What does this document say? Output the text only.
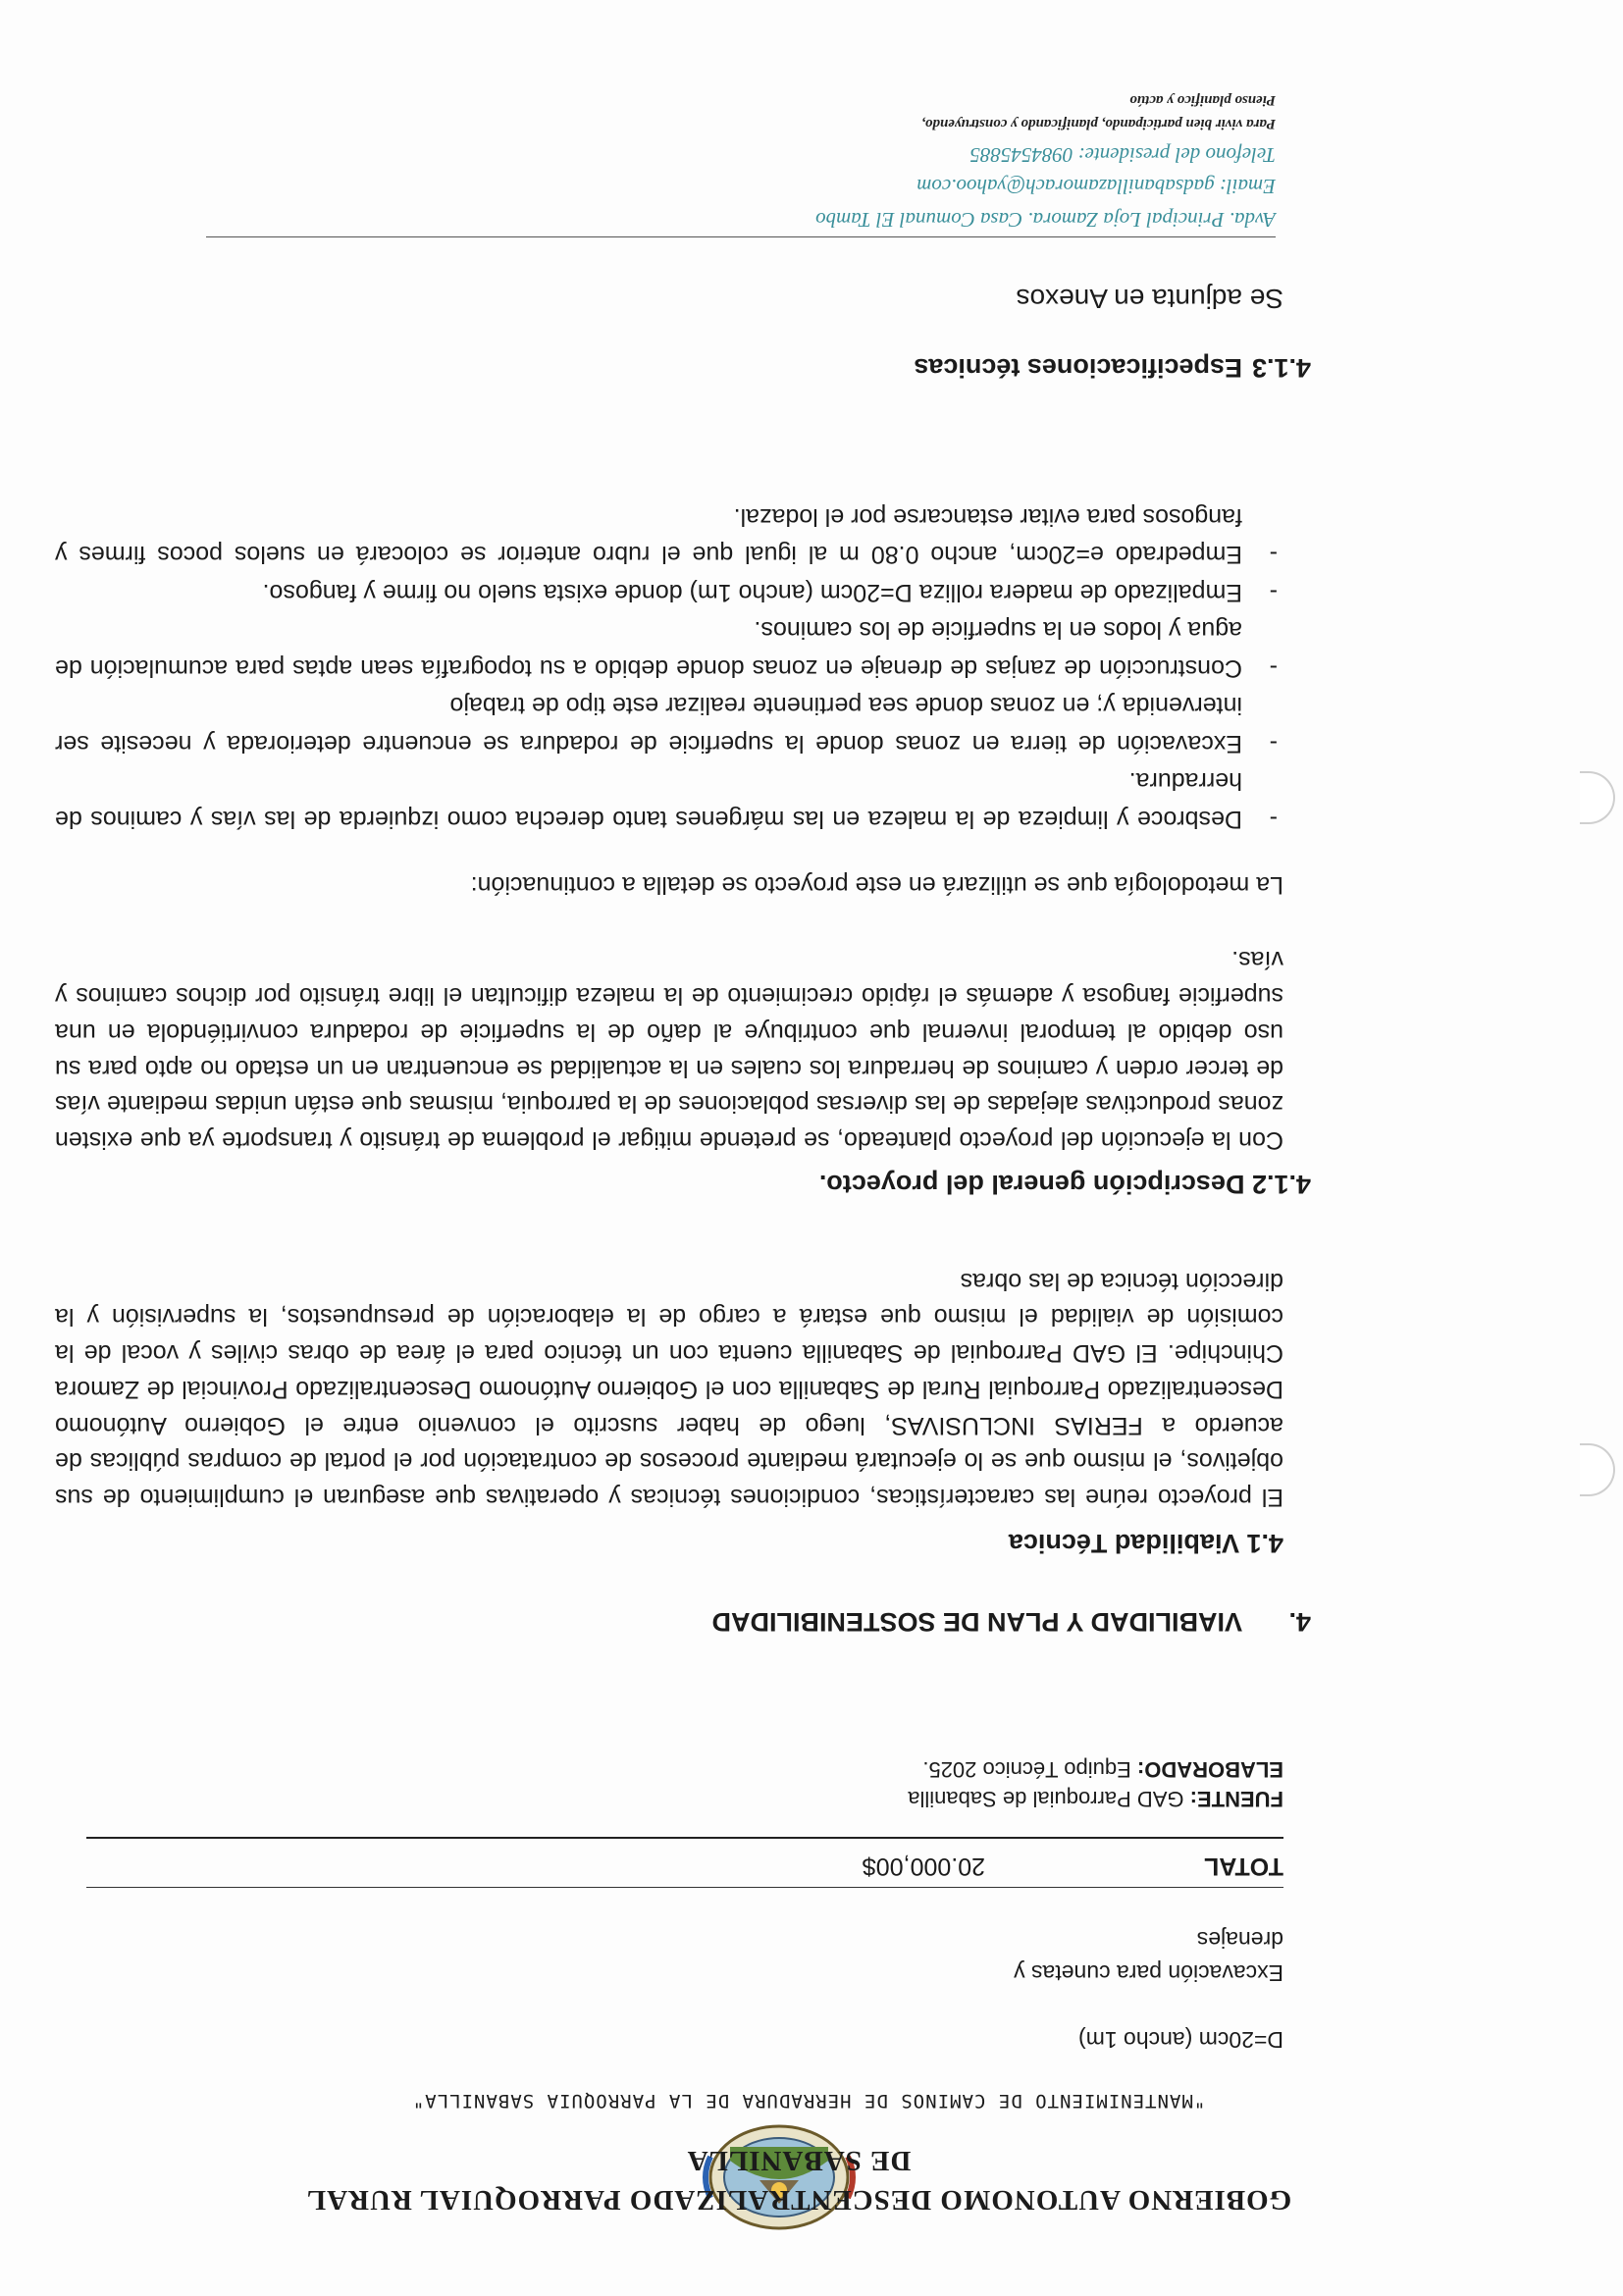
GOBIERNO AUTONOMO DESCENTRALIZADO PARROQUIAL RURAL
DE SABANILLA
"MANTENIMIENTO DE CAMINOS DE HERRADURA DE LA PARROQUIA SABANILLA"
D=20cm (ancho 1m)
Excavación para cunetas y drenajes
TOTAL
20.000,00$
FUENTE: GAD Parroquial de Sabanilla
ELABORADO: Equipo Técnico 2025.
4.VIABILIDAD Y PLAN DE SOSTENIBILIDAD
4.1 Viabilidad Técnica
El proyecto reúne las características, condiciones técnicas y operativas que aseguran el cumplimiento de sus objetivos, el mismo que se lo ejecutará mediante procesos de contratación por el portal de compras públicas de acuerdo a FERIAS INCLUSIVAS, luego de haber suscrito el convenio entre el Gobierno Autónomo Descentralizado Parroquial Rural de Sabanilla con el Gobierno Autónomo Descentralizado Provincial de Zamora Chinchipe. El GAD Parroquial de Sabanilla cuenta con un técnico para el área de obras civiles y vocal de la comisión de vialidad el mismo que estará a cargo de la elaboración de presupuestos, la supervisión y la dirección técnica de las obras
4.1.2 Descripción general del proyecto.
Con la ejecución del proyecto planteado, se pretende mitigar el problema de tránsito y transporte ya que existen zonas productivas alejadas de las diversas poblaciones de la parroquia, mismas que están unidas mediante vías de tercer orden y caminos de herradura los cuales en la actualidad se encuentran en un estado no apto para su uso debido al temporal invernal que contribuye al daño de la superficie de rodadura convirtiéndola en una superficie fangosa y además el rápido crecimiento de la maleza dificultan el libre tránsito por dichos caminos y vías.
La metodología que se utilizará en este proyecto se detalla a continuación:
- Desbroce y limpieza de la maleza en las márgenes tanto derecha como izquierda de las vías y caminos de herradura.
- Excavación de tierra en zonas donde la superficie de rodadura se encuentre deteriorada y necesite ser intervenida y; en zonas donde sea pertinente realizar este tipo de trabajo
- Construcción de zanjas de drenaje en zonas donde debido a su topografía sean aptas para acumulación de agua y lodos en la superficie de los caminos.
- Empalizado de madera rolliza D=20cm (ancho 1m) donde exista suelo no firme y fangoso.
- Empedrado e=20cm, ancho 0.80 m al igual que el rubro anterior se colocará en suelos pocos firmes y fangosos para evitar estancarse por el lodazal.
4.1.3Especificaciones técnicas
Se adjunta en Anexos
Avda. Principal Loja Zamora. Casa Comunal El Tambo
Email: gadsabanillazamorach@yahoo.com
Telefono del presidente: 0984545885
Para vivir bien participando, planificando y construyendo,
Pienso planifico y actúo
